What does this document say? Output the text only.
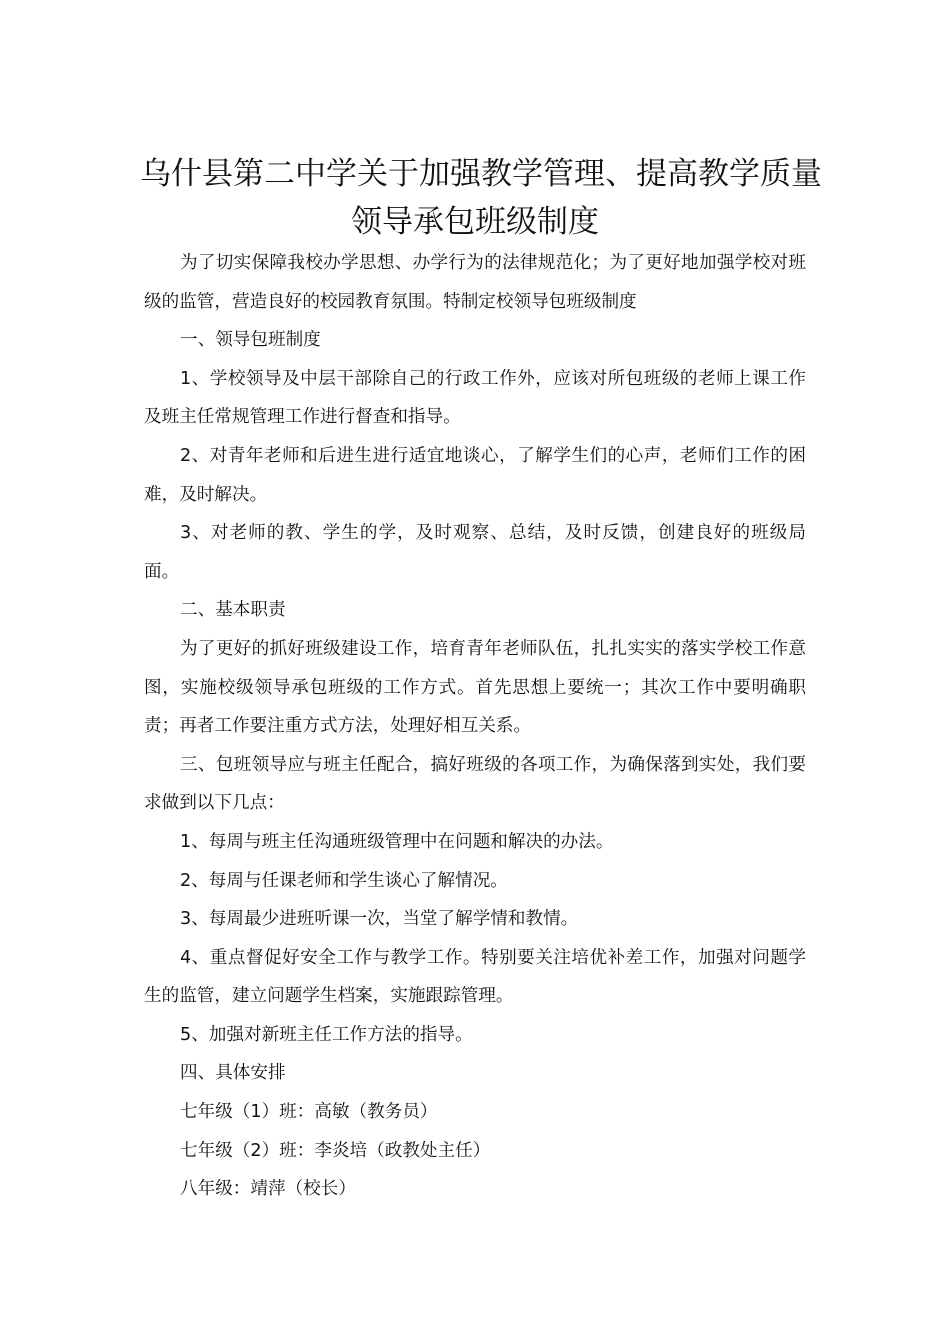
乌什县第二中学关于加强教学管理、提高教学质量
领导承包班级制度

为了切实保障我校办学思想、办学行为的法律规范化；为了更好地加强学校对班级的监管，营造良好的校园教育氛围。特制定校领导包班级制度

一、领导包班制度

1、学校领导及中层干部除自己的行政工作外，应该对所包班级的老师上课工作及班主任常规管理工作进行督查和指导。

2、对青年老师和后进生进行适宜地谈心，了解学生们的心声，老师们工作的困难，及时解决。

3、对老师的教、学生的学，及时观察、总结，及时反馈，创建良好的班级局面。

二、基本职责

为了更好的抓好班级建设工作，培育青年老师队伍，扎扎实实的落实学校工作意图，实施校级领导承包班级的工作方式。首先思想上要统一；其次工作中要明确职责；再者工作要注重方式方法，处理好相互关系。

三、包班领导应与班主任配合，搞好班级的各项工作，为确保落到实处，我们要求做到以下几点：

1、每周与班主任沟通班级管理中在问题和解决的办法。

2、每周与任课老师和学生谈心了解情况。

3、每周最少进班听课一次，当堂了解学情和教情。

4、重点督促好安全工作与教学工作。特别要关注培优补差工作，加强对问题学生的监管，建立问题学生档案，实施跟踪管理。

5、加强对新班主任工作方法的指导。

四、具体安排

七年级（1）班：高敏（教务员）

七年级（2）班：李炎培（政教处主任）

八年级：靖萍（校长）
